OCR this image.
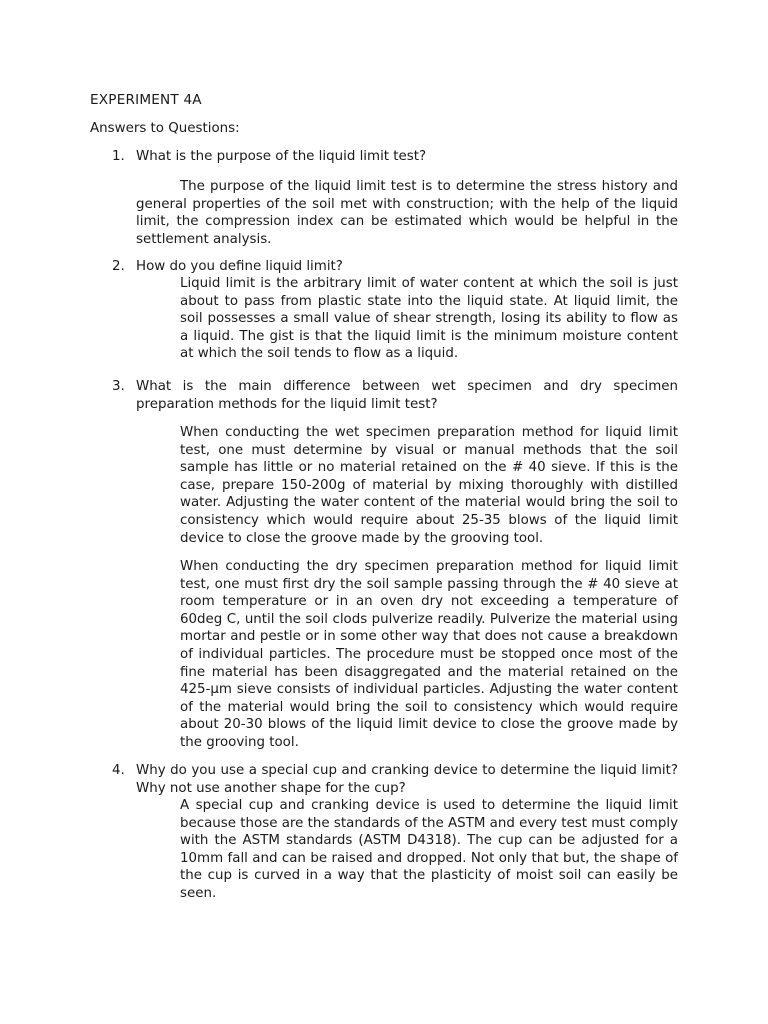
EXPERIMENT 4A
Answers to Questions:
1. What is the purpose of the liquid limit test?

The purpose of the liquid limit test is to determine the stress history and general properties of the soil met with construction; with the help of the liquid limit, the compression index can be estimated which would be helpful in the settlement analysis.

2. How do you define liquid limit?

Liquid limit is the arbitrary limit of water content at which the soil is just about to pass from plastic state into the liquid state. At liquid limit, the soil possesses a small value of shear strength, losing its ability to flow as a liquid. The gist is that the liquid limit is the minimum moisture content at which the soil tends to flow as a liquid.

3. What is the main difference between wet specimen and dry specimen preparation methods for the liquid limit test?

When conducting the wet specimen preparation method for liquid limit test, one must determine by visual or manual methods that the soil sample has little or no material retained on the # 40 sieve. If this is the case, prepare 150-200g of material by mixing thoroughly with distilled water. Adjusting the water content of the material would bring the soil to consistency which would require about 25-35 blows of the liquid limit device to close the groove made by the grooving tool.

When conducting the dry specimen preparation method for liquid limit test, one must first dry the soil sample passing through the # 40 sieve at room temperature or in an oven dry not exceeding a temperature of 60deg C, until the soil clods pulverize readily. Pulverize the material using mortar and pestle or in some other way that does not cause a breakdown of individual particles. The procedure must be stopped once most of the fine material has been disaggregated and the material retained on the 425-µm sieve consists of individual particles. Adjusting the water content of the material would bring the soil to consistency which would require about 20-30 blows of the liquid limit device to close the groove made by the grooving tool.

4. Why do you use a special cup and cranking device to determine the liquid limit? Why not use another shape for the cup?

A special cup and cranking device is used to determine the liquid limit because those are the standards of the ASTM and every test must comply with the ASTM standards (ASTM D4318). The cup can be adjusted for a 10mm fall and can be raised and dropped. Not only that but, the shape of the cup is curved in a way that the plasticity of moist soil can easily be seen.
